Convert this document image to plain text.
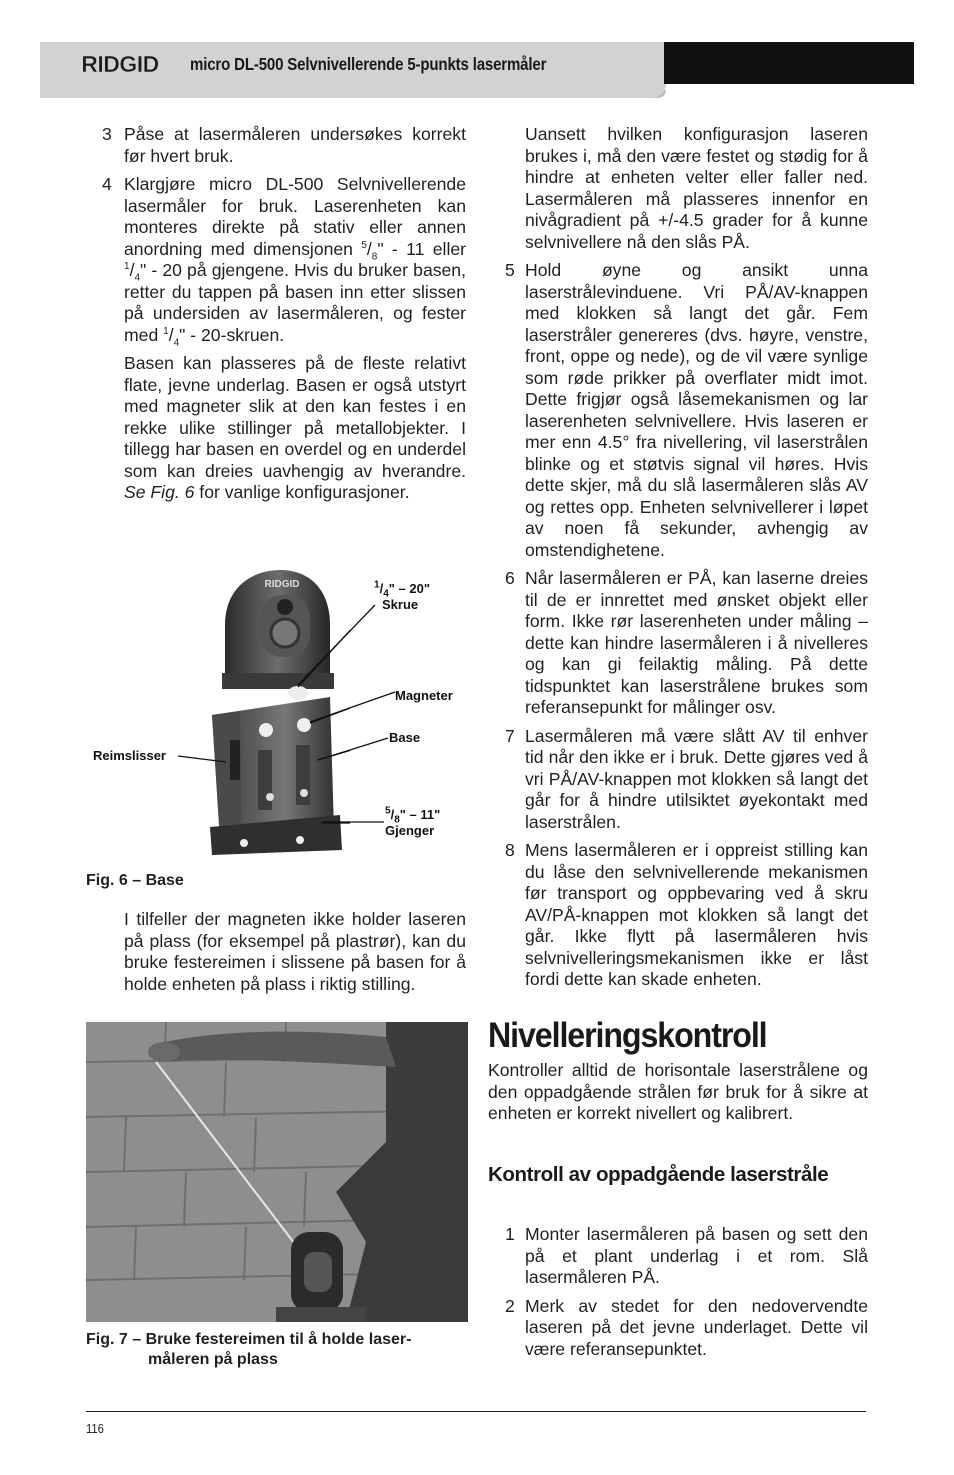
RIDGID micro DL-500 Selvnivellerende 5-punkts lasermåler
3 Påse at lasermåleren undersøkes korrekt før hvert bruk.
4 Klargjøre micro DL-500 Selvnivellerende lasermåler for bruk. Laserenheten kan monteres direkte på stativ eller annen anordning med dimensjonen $^5/_8$" - 11 eller $^1/_4$" - 20 på gjengene. Hvis du bruker basen, retter du tappen på basen inn etter slissen på undersiden av lasermåleren, og fester med $^1/_4$" - 20-skruen.
Basen kan plasseres på de fleste relativt flate, jevne underlag. Basen er også utstyrt med magneter slik at den kan festes i en rekke ulike stillinger på metallobjekter. I tillegg har basen en overdel og en underdel som kan dreies uavhengig av hverandre. Se Fig. 6 for vanlige konfigurasjoner.
RIDGID	$^1/_4$" – 20"
Skrue
Magneter
Base
Reimslisser
$^5/_8$" – 11"
Gjenger
Fig. 6 – Base
I tilfeller der magneten ikke holder laseren på plass (for eksempel på plastrør), kan du bruke festereimen i slissene på basen for å holde enheten på plass i riktig stilling.
Fig. 7 – Bruke festereimen til å holde laser-
måleren på plass
Uansett hvilken konfigurasjon laseren brukes i, må den være festet og stødig for å hindre at enheten velter eller faller ned. Lasermåleren må plasseres innenfor en nivågradient på +/-4.5 grader for å kunne selvnivellere nå den slås PÅ.
5 Hold øyne og ansikt unna laserstrålevinduene. Vri PÅ/AV-knappen med klokken så langt det går. Fem laserstråler genereres (dvs. høyre, venstre, front, oppe og nede), og de vil være synlige som røde prikker på overflater midt imot. Dette frigjør også låsemekanismen og lar laserenheten selvnivellere. Hvis laseren er mer enn 4.5° fra nivellering, vil laserstrålen blinke og et støtvis signal vil høres. Hvis dette skjer, må du slå lasermåleren slås AV og rettes opp. Enheten selvnivellerer i løpet av noen få sekunder, avhengig av omstendighetene.
6 Når lasermåleren er PÅ, kan laserne dreies til de er innrettet med ønsket objekt eller form. Ikke rør laserenheten under måling – dette kan hindre lasermåleren i å nivelleres og kan gi feilaktig måling. På dette tidspunktet kan laserstrålene brukes som referansepunkt for målinger osv.
7 Lasermåleren må være slått AV til enhver tid når den ikke er i bruk. Dette gjøres ved å vri PÅ/AV-knappen mot klokken så langt det går for å hindre utilsiktet øyekontakt med laserstrålen.
8 Mens lasermåleren er i oppreist stilling kan du låse den selvnivellerende mekanismen før transport og oppbevaring ved å skru AV/PÅ-knappen mot klokken så langt det går. Ikke flytt på lasermåleren hvis selvnivelleringsmekanismen ikke er låst fordi dette kan skade enheten.
Nivelleringskontroll
Kontroller alltid de horisontale laserstrålene og den oppadgående strålen før bruk for å sikre at enheten er korrekt nivellert og kalibrert.
Kontroll av oppadgående laserstråle
1 Monter lasermåleren på basen og sett den på et plant underlag i et rom. Slå lasermåleren PÅ.
2 Merk av stedet for den nedovervendte laseren på det jevne underlaget. Dette vil være referansepunktet.
116
